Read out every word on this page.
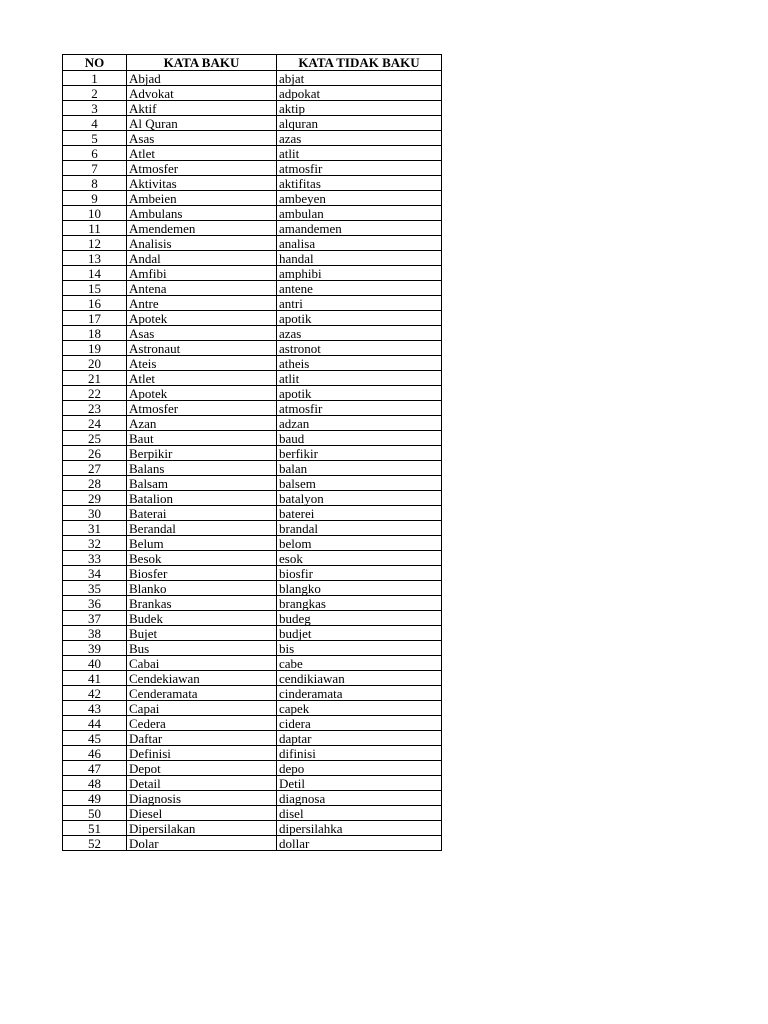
NO	KATA BAKU	KATA TIDAK BAKU
1	Abjad	abjat
2	Advokat	adpokat
3	Aktif	aktip
4	Al Quran	alquran
5	Asas	azas
6	Atlet	atlit
7	Atmosfer	atmosfir
8	Aktivitas	aktifitas
9	Ambeien	ambeyen
10	Ambulans	ambulan
11	Amendemen	amandemen
12	Analisis	analisa
13	Andal	handal
14	Amfibi	amphibi
15	Antena	antene
16	Antre	antri
17	Apotek	apotik
18	Asas	azas
19	Astronaut	astronot
20	Ateis	atheis
21	Atlet	atlit
22	Apotek	apotik
23	Atmosfer	atmosfir
24	Azan	adzan
25	Baut	baud
26	Berpikir	berfikir
27	Balans	balan
28	Balsam	balsem
29	Batalion	batalyon
30	Baterai	baterei
31	Berandal	brandal
32	Belum	belom
33	Besok	esok
34	Biosfer	biosfir
35	Blanko	blangko
36	Brankas	brangkas
37	Budek	budeg
38	Bujet	budjet
39	Bus	bis
40	Cabai	cabe
41	Cendekiawan	cendikiawan
42	Cenderamata	cinderamata
43	Capai	capek
44	Cedera	cidera
45	Daftar	daptar
46	Definisi	difinisi
47	Depot	depo
48	Detail	Detil
49	Diagnosis	diagnosa
50	Diesel	disel
51	Dipersilakan	dipersilahka
52	Dolar	dollar
